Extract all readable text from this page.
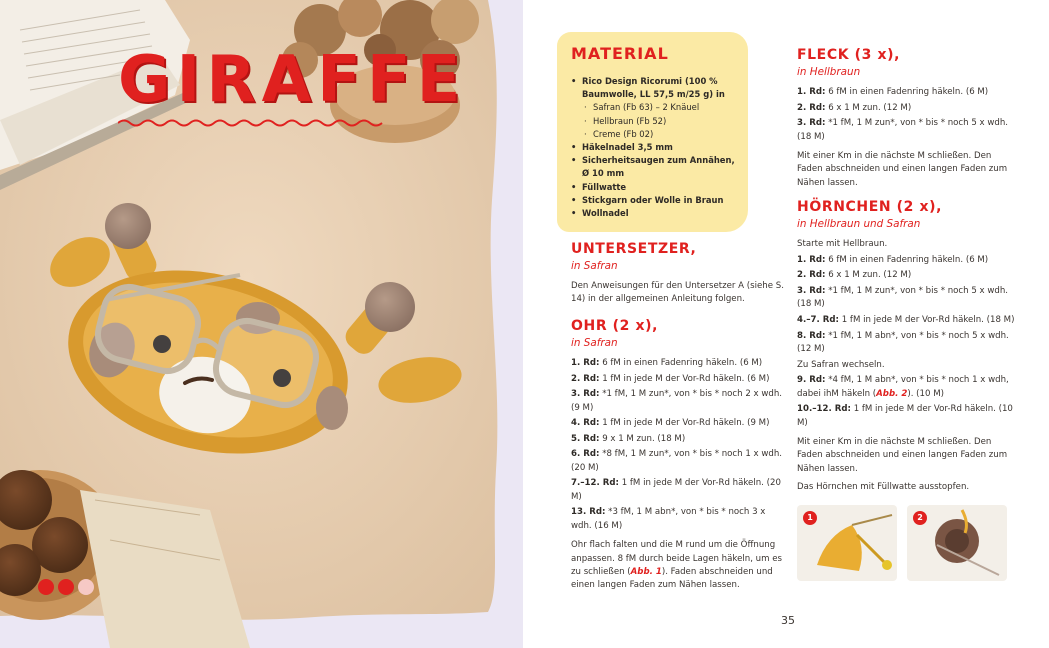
GIRAFFE	MATERIAL
• Rico Design Ricorumi (100 % Baumwolle, LL 57,5 m/25 g) in
· Safran (Fb 63) – 2 Knäuel
· Hellbraun (Fb 52)
· Creme (Fb 02)
• Häkelnadel 3,5 mm
• Sicherheitsaugen zum Annähen, Ø 10 mm
• Füllwatte
• Stickgarn oder Wolle in Braun
• Wollnadel
UNTERSETZER,
in Safran

Den Anweisungen für den Untersetzer A (siehe S. 14) in der allgemeinen Anleitung folgen.

OHR (2 x),
in Safran

1. Rd: 6 fM in einen Fadenring häkeln. (6 M)

2. Rd: 1 fM in jede M der Vor-Rd häkeln. (6 M)

3. Rd: *1 fM, 1 M zun*, von * bis * noch 2 x wdh. (9 M)

4. Rd: 1 fM in jede M der Vor-Rd häkeln. (9 M)

5. Rd: 9 x 1 M zun. (18 M)

6. Rd: *8 fM, 1 M zun*, von * bis * noch 1 x wdh. (20 M)

7.–12. Rd: 1 fM in jede M der Vor-Rd häkeln. (20 M)

13. Rd: *3 fM, 1 M abn*, von * bis * noch 3 x wdh. (16 M)

Ohr flach falten und die M rund um die Öffnung anpassen. 8 fM durch beide Lagen häkeln, um es zu schließen (Abb. 1). Faden abschneiden und einen langen Faden zum Nähen lassen.

FLECK (3 x),
in Hellbraun

1. Rd: 6 fM in einen Fadenring häkeln. (6 M)

2. Rd: 6 x 1 M zun. (12 M)

3. Rd: *1 fM, 1 M zun*, von * bis * noch 5 x wdh. (18 M)

Mit einer Km in die nächste M schließen. Den Faden abschneiden und einen langen Faden zum Nähen lassen.

HÖRNCHEN (2 x),
in Hellbraun und Safran

Starte mit Hellbraun.

1. Rd: 6 fM in einen Fadenring häkeln. (6 M)

2. Rd: 6 x 1 M zun. (12 M)

3. Rd: *1 fM, 1 M zun*, von * bis * noch 5 x wdh. (18 M)

4.–7. Rd: 1 fM in jede M der Vor-Rd häkeln. (18 M)

8. Rd: *1 fM, 1 M abn*, von * bis * noch 5 x wdh. (12 M)

Zu Safran wechseln.

9. Rd: *4 fM, 1 M abn*, von * bis * noch 1 x wdh, dabei ihM häkeln (Abb. 2). (10 M)

10.–12. Rd: 1 fM in jede M der Vor-Rd häkeln. (10 M)

Mit einer Km in die nächste M schließen. Den Faden abschneiden und einen langen Faden zum Nähen lassen.

Das Hörnchen mit Füllwatte ausstopfen.

1	2
35
